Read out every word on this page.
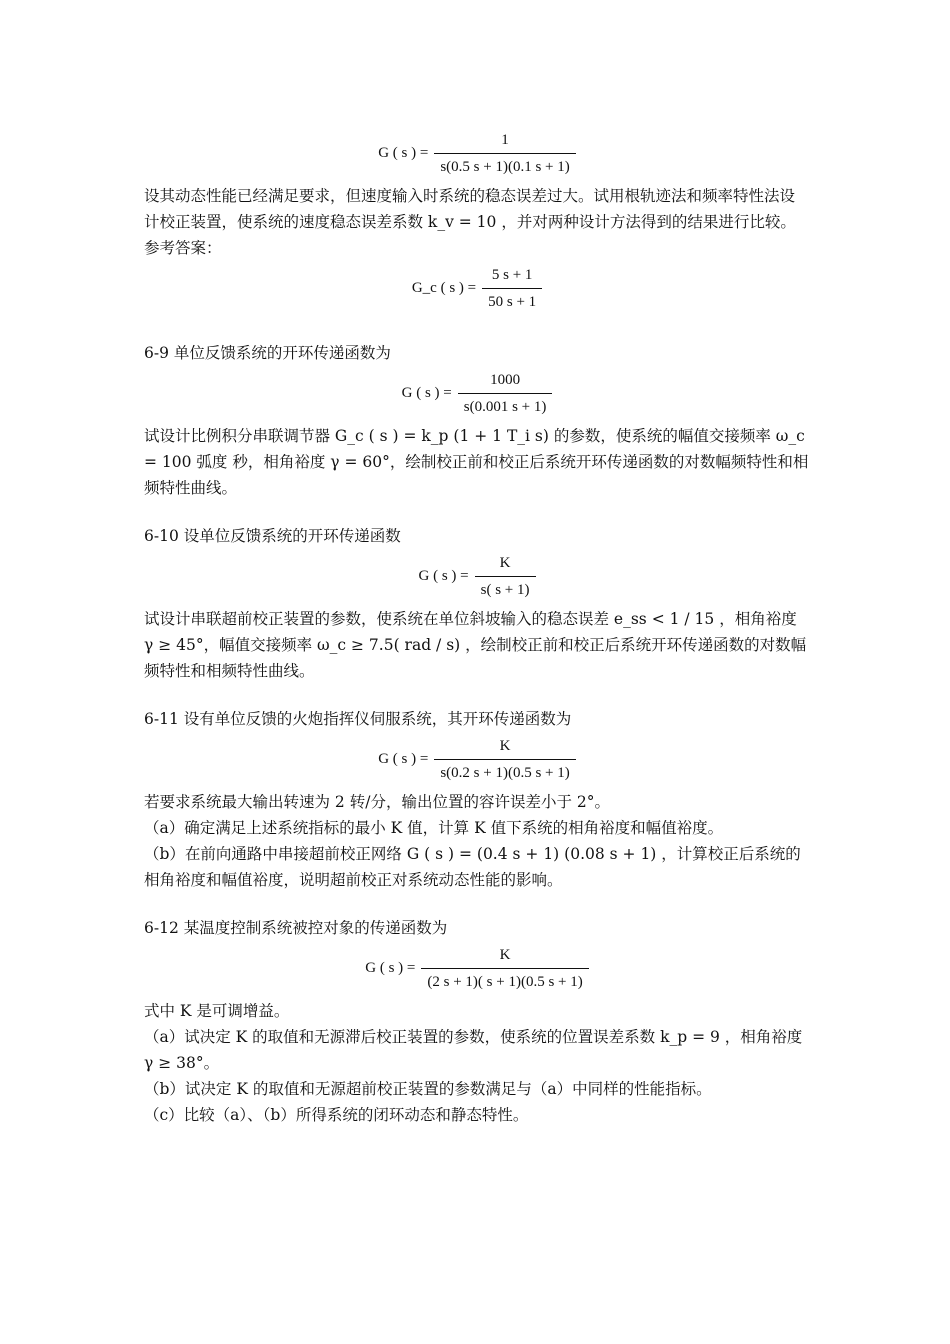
G ( s ) = $\frac{1}{s(0.5 s + 1)(0.1 s + 1)}$

设其动态性能已经满足要求，但速度输入时系统的稳态误差过大。试用根轨迹法和频率特性法设计校正装置，使系统的速度稳态误差系数 k_v = 10 ，并对两种设计方法得到的结果进行比较。

参考答案：

G_c ( s ) = $\frac{5 s + 1}{50 s + 1}$

6-9 单位反馈系统的开环传递函数为

G ( s ) = $\frac{1000}{s(0.001 s + 1)}$

试设计比例积分串联调节器 G_c ( s ) = k_p (1 + 1 T_i s) 的参数，使系统的幅值交接频率 ω_c = 100 弧度 秒，相角裕度 γ = 60°，绘制校正前和校正后系统开环传递函数的对数幅频特性和相频特性曲线。

6-10 设单位反馈系统的开环传递函数

G ( s ) = $\frac{K}{s( s + 1)}$

试设计串联超前校正装置的参数，使系统在单位斜坡输入的稳态误差 e_ss < 1 / 15 ，相角裕度 γ ≥ 45°，幅值交接频率 ω_c ≥ 7.5( rad / s) ，绘制校正前和校正后系统开环传递函数的对数幅频特性和相频特性曲线。

6-11 设有单位反馈的火炮指挥仪伺服系统，其开环传递函数为

G ( s ) = $\frac{K}{s(0.2 s + 1)(0.5 s + 1)}$

若要求系统最大输出转速为 2 转/分，输出位置的容许误差小于 2°。

（a）确定满足上述系统指标的最小 K 值，计算 K 值下系统的相角裕度和幅值裕度。

（b）在前向通路中串接超前校正网络 G ( s ) = (0.4 s + 1) (0.08 s + 1) ，计算校正后系统的相角裕度和幅值裕度，说明超前校正对系统动态性能的影响。

6-12 某温度控制系统被控对象的传递函数为

G ( s ) = $\frac{K}{(2 s + 1)( s + 1)(0.5 s + 1)}$

式中 K 是可调增益。

（a）试决定 K 的取值和无源滞后校正装置的参数，使系统的位置误差系数 k_p = 9 ，相角裕度 γ ≥ 38°。

（b）试决定 K 的取值和无源超前校正装置的参数满足与（a）中同样的性能指标。

（c）比较（a）、（b）所得系统的闭环动态和静态特性。
